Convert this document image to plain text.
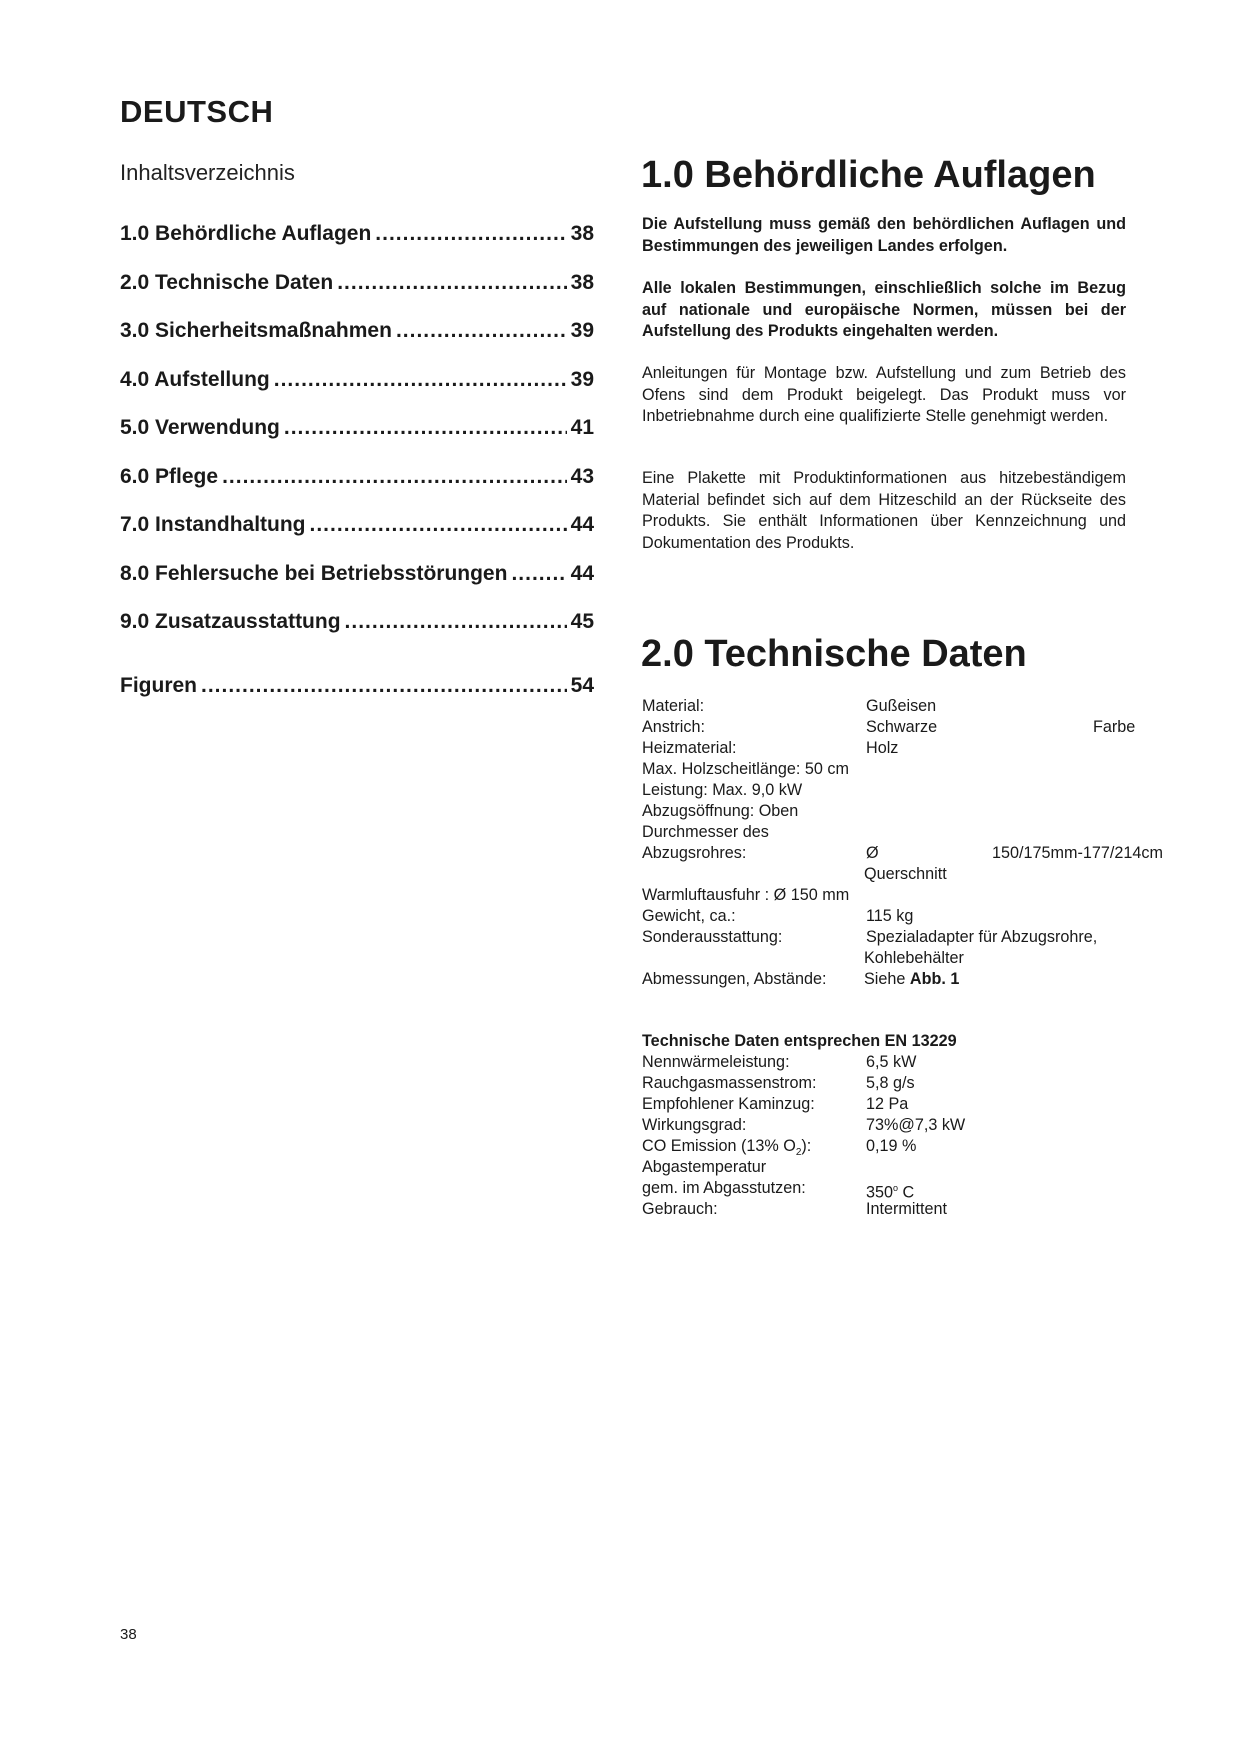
DEUTSCH
Inhaltsverzeichnis
1.0 Behördliche Auflagen .....	38
2.0 Technische Daten .....	38
3.0 Sicherheitsmaßnahmen .....	39
4.0 Aufstellung .....	39
5.0 Verwendung .....	41
6.0 Pflege .....	43
7.0 Instandhaltung .....	44
8.0 Fehlersuche bei Betriebsstörungen .....	44
9.0 Zusatzausstattung .....	45
Figuren .....	54
1.0 Behördliche Auflagen

Die Aufstellung muss gemäß den behördlichen Auflagen und Bestimmungen des jeweiligen Landes erfolgen.

Alle lokalen Bestimmungen, einschließlich solche im Bezug auf nationale und europäische Normen, müssen bei der Aufstellung des Produkts eingehalten werden.

Anleitungen für Montage bzw. Aufstellung und zum Betrieb des Ofens sind dem Produkt beigelegt. Das Produkt muss vor Inbetriebnahme durch eine qualifizierte Stelle genehmigt werden.

Eine Plakette mit Produktinformationen aus hitzebeständigem Material befindet sich auf dem Hitzeschild an der Rückseite des Produkts. Sie enthält Informationen über Kennzeichnung und Dokumentation des Produkts.

2.0 Technische Daten
Material:	Gußeisen
Anstrich:	Schwarze	Farbe
Heizmaterial:	Holz
Max. Holzscheitlänge: 50 cm
Leistung: Max. 9,0 kW
Abzugsöffnung: Oben
Durchmesser des
Abzugsrohres:	Ø	150/175mm-177/214cm
Querschnitt
Warmluftausfuhr : Ø 150 mm
Gewicht, ca.:	115 kg
Sonderausstattung:	Spezialadapter für Abzugsrohre,
Kohlebehälter
Abmessungen, Abstände: Siehe Abb. 1
Technische Daten entsprechen EN 13229
Nennwärmeleistung:	6,5 kW
Rauchgasmassenstrom:	5,8 g/s
Empfohlener Kaminzug:	12 Pa
Wirkungsgrad:	73%@7,3 kW
CO Emission (13% $O_2$):	0,19 %
Abgastemperatur
gem. im Abgasstutzen:	350$^o$ C
Gebrauch:	Intermittent

38
